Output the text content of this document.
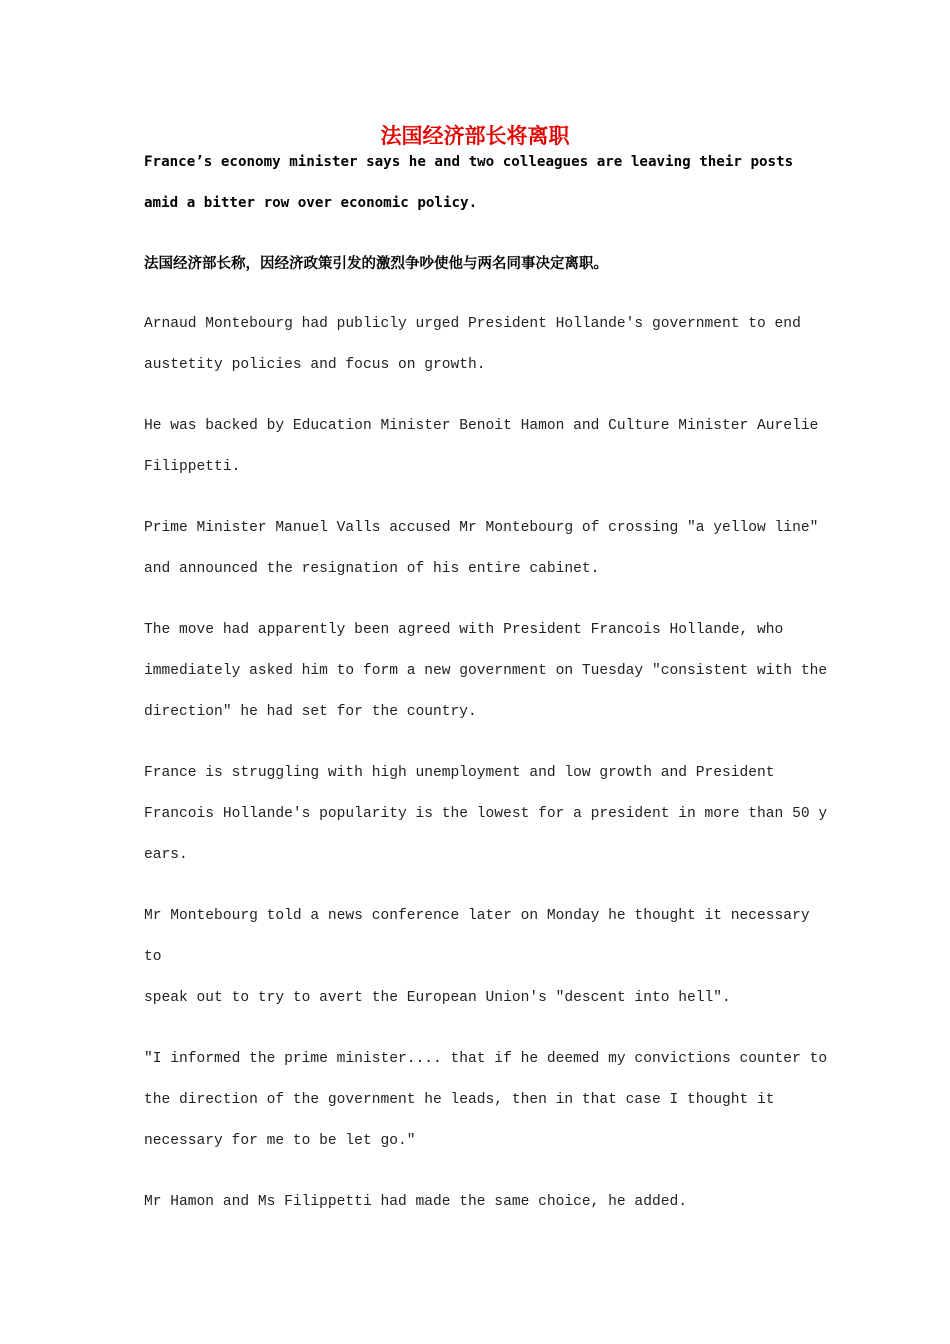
法国经济部长将离职

France’s economy minister says he and two colleagues are leaving their posts
amid a bitter row over economic policy.

法国经济部长称，因经济政策引发的激烈争吵使他与两名同事决定离职。

Arnaud Montebourg had publicly urged President Hollande's government to end
austetity policies and focus on growth.

He was backed by Education Minister Benoit Hamon and Culture Minister Aurelie
Filippetti.

Prime Minister Manuel Valls accused Mr Montebourg of crossing "a yellow line"
and announced the resignation of his entire cabinet.

The move had apparently been agreed with President Francois Hollande, who
immediately asked him to form a new government on Tuesday "consistent with the
direction" he had set for the country.

France is struggling with high unemployment and low growth and President
Francois Hollande's popularity is the lowest for a president in more than 50 y
ears.

Mr Montebourg told a news conference later on Monday he thought it necessary to
speak out to try to avert the European Union's "descent into hell".

"I informed the prime minister.... that if he deemed my convictions counter to
the direction of the government he leads, then in that case I thought it
necessary for me to be let go."

Mr Hamon and Ms Filippetti had made the same choice, he added.
